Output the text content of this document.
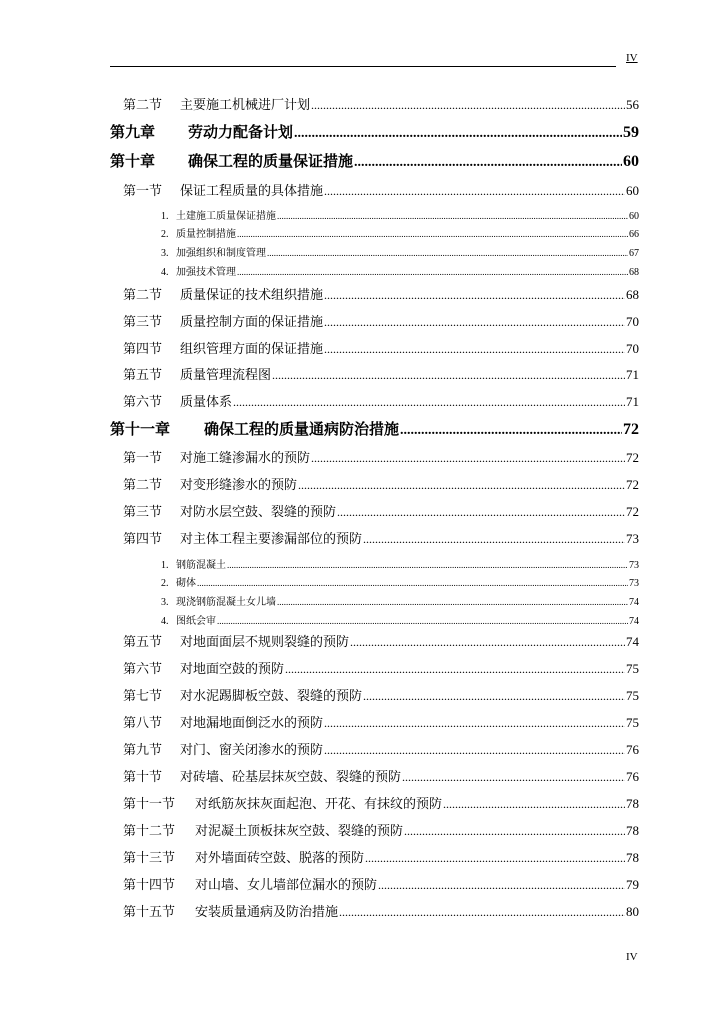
IV
第二节	主要施工机械进厂计划 .....	56
第九章	劳动力配备计划 .....	59
第十章	确保工程的质量保证措施 .....	60
第一节	保证工程质量的具体措施 .....	60
1. 土建施工质量保证措施 .....	60
2. 质量控制措施 .....	66
3. 加强组织和制度管理 .....	67
4. 加强技术管理 .....	68
第二节	质量保证的技术组织措施 .....	68
第三节	质量控制方面的保证措施 .....	70
第四节	组织管理方面的保证措施 .....	70
第五节	质量管理流程图 .....	71
第六节	质量体系 .....	71
第十一章	确保工程的质量通病防治措施 .....	72
第一节	对施工缝渗漏水的预防 .....	72
第二节	对变形缝渗水的预防 .....	72
第三节	对防水层空鼓、裂缝的预防 .....	72
第四节	对主体工程主要渗漏部位的预防 .....	73
1. 钢筋混凝土 .....	73
2. 砌体 .....	73
3. 现浇钢筋混凝土女儿墙 .....	74
4. 图纸会审 .....	74
第五节	对地面面层不规则裂缝的预防 .....	74
第六节	对地面空鼓的预防 .....	75
第七节	对水泥踢脚板空鼓、裂缝的预防 .....	75
第八节	对地漏地面倒泛水的预防 .....	75
第九节	对门、窗关闭渗水的预防 .....	76
第十节	对砖墙、砼基层抹灰空鼓、裂缝的预防 .....	76
第十一节	对纸筋灰抹灰面起泡、开花、有抹纹的预防 .....	78
第十二节	对泥凝土顶板抹灰空鼓、裂缝的预防 .....	78
第十三节	对外墙面砖空鼓、脱落的预防 .....	78
第十四节	对山墙、女儿墙部位漏水的预防 .....	79
第十五节	安装质量通病及防治措施 .....	80
IV
